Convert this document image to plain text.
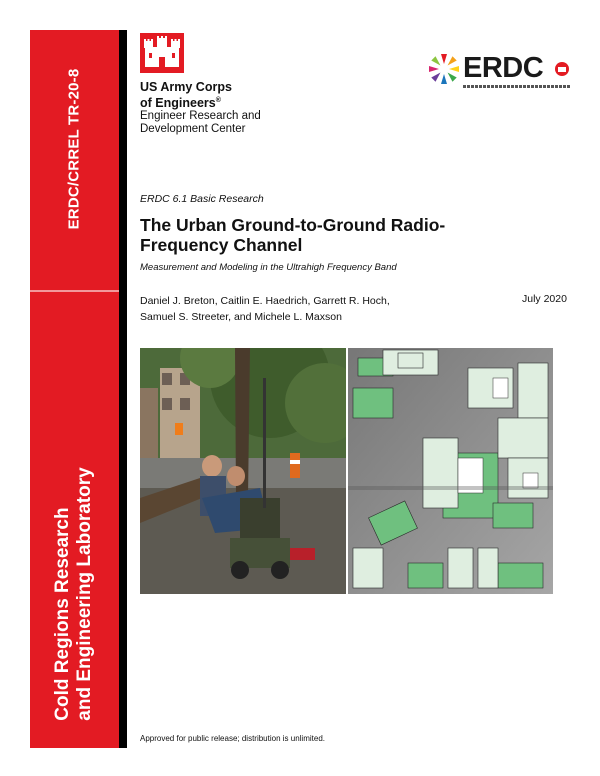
ERDC/CRREL TR-20-8
Cold Regions Research and Engineering Laboratory
US Army Corps
of Engineers®
Engineer Research and
Development Center
ERDC
ERDC 6.1 Basic Research
The Urban Ground-to-Ground Radio-
Frequency Channel
Measurement and Modeling in the Ultrahigh Frequency Band
Daniel J. Breton, Caitlin E. Haedrich, Garrett R. Hoch,
Samuel S. Streeter, and Michele L. Maxson
July 2020
Approved for public release; distribution is unlimited.
